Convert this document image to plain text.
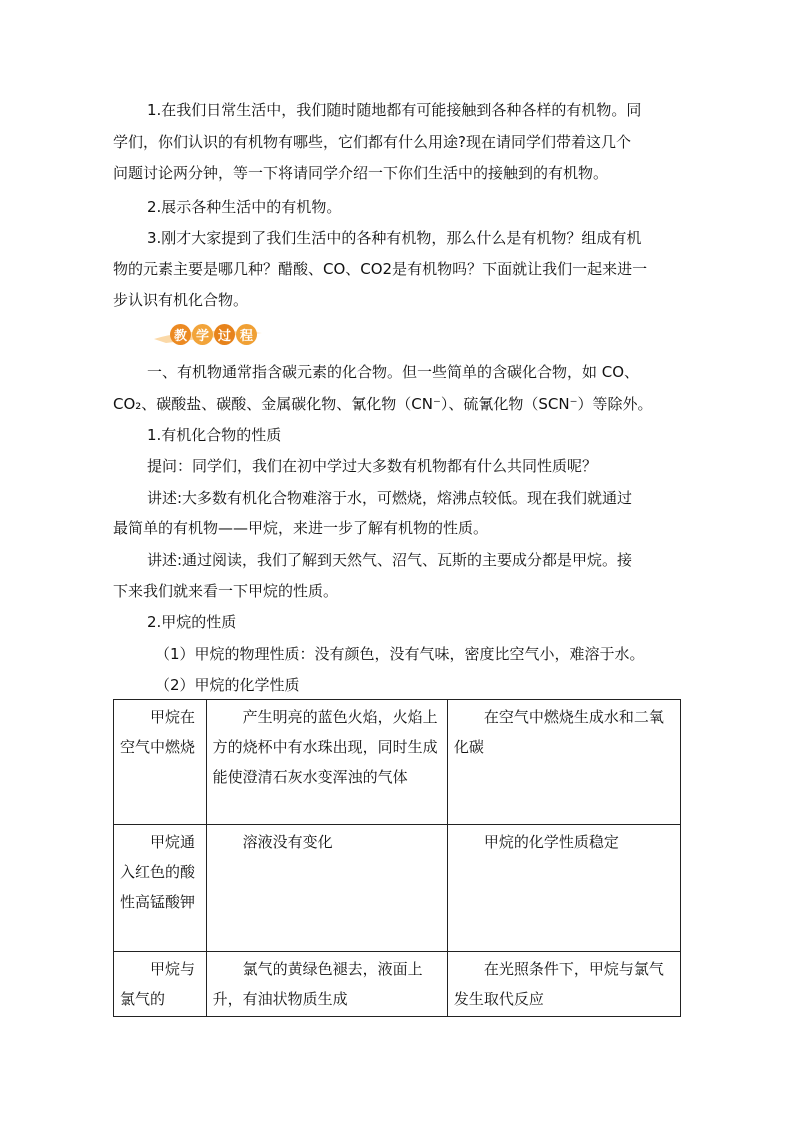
1.在我们日常生活中，我们随时随地都有可能接触到各种各样的有机物。同

学们，你们认识的有机物有哪些，它们都有什么用途?现在请同学们带着这几个

问题讨论两分钟，等一下将请同学介绍一下你们生活中的接触到的有机物。

2.展示各种生活中的有机物。

3.刚才大家提到了我们生活中的各种有机物，那么什么是有机物？组成有机

物的元素主要是哪几种？醋酸、CO、CO2是有机物吗？下面就让我们一起来进一

步认识有机化合物。

教 学 过 程

一、有机物通常指含碳元素的化合物。但一些简单的含碳化合物，如 CO、

CO₂、碳酸盐、碳酸、金属碳化物、氰化物（CN⁻）、硫氰化物（SCN⁻）等除外。

1.有机化合物的性质

提问：同学们，我们在初中学过大多数有机物都有什么共同性质呢？

讲述:大多数有机化合物难溶于水，可燃烧，熔沸点较低。现在我们就通过

最简单的有机物——甲烷，来进一步了解有机物的性质。

讲述:通过阅读，我们了解到天然气、沼气、瓦斯的主要成分都是甲烷。接

下来我们就来看一下甲烷的性质。

2.甲烷的性质

（1）甲烷的物理性质：没有颜色，没有气味，密度比空气小，难溶于水。

（2）甲烷的化学性质

甲烷在空气中燃烧	产生明亮的蓝色火焰，火焰上方的烧杯中有水珠出现，同时生成能使澄清石灰水变浑浊的气体	在空气中燃烧生成水和二氧化碳
甲烷通入红色的酸性高锰酸钾	溶液没有变化	甲烷的化学性质稳定
甲烷与氯气的	氯气的黄绿色褪去，液面上升，有油状物质生成	在光照条件下，甲烷与氯气发生取代反应
